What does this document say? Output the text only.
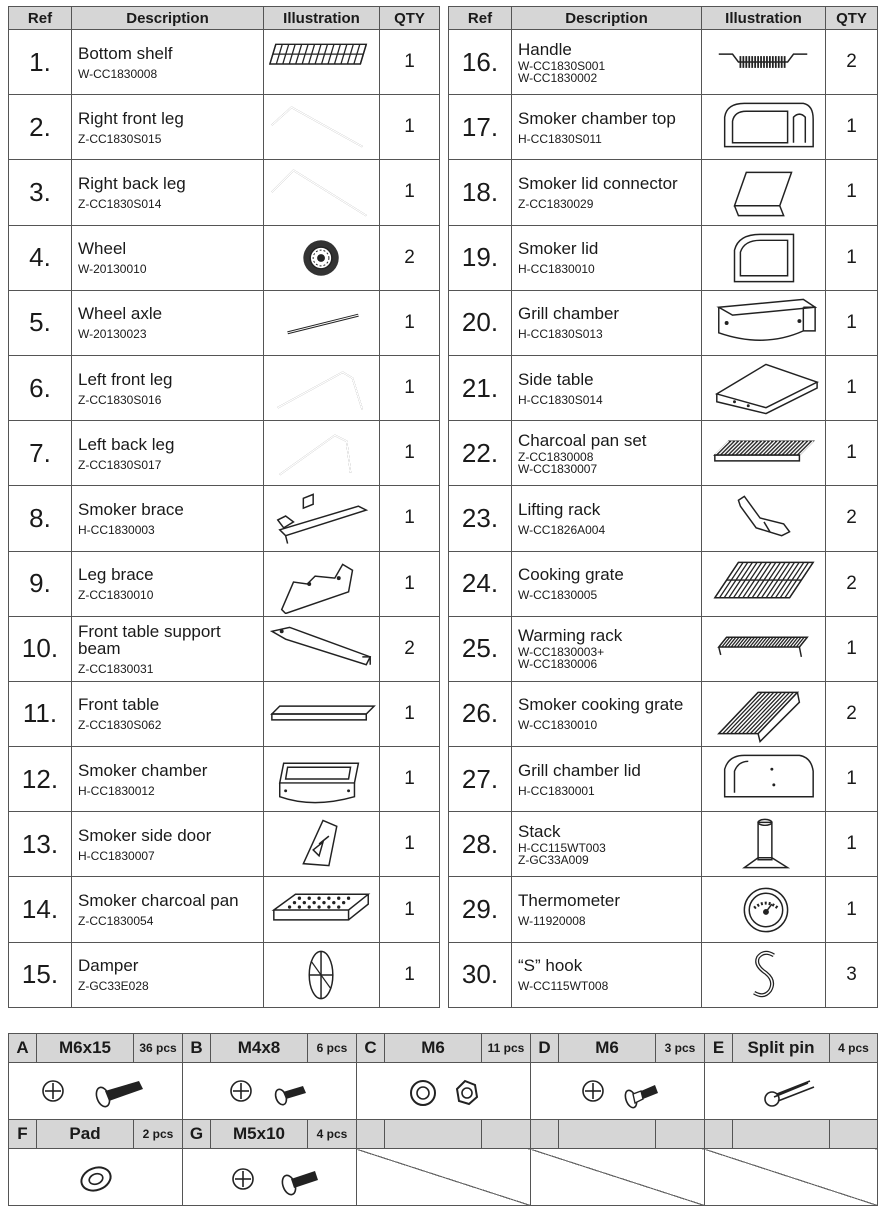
Ref	Description	Illustration	QTY
1.	Bottom shelf
W-CC1830008		1
2.	Right front leg
Z-CC1830S015		1
3.	Right back leg
Z-CC1830S014		1
4.	Wheel
W-20130010		2
5.	Wheel axle
W-20130023		1
6.	Left front leg
Z-CC1830S016		1
7.	Left back leg
Z-CC1830S017		1
8.	Smoker brace
H-CC1830003		1
9.	Leg brace
Z-CC1830010		1
10.	Front table support beam
Z-CC1830031		2
11.	Front table
Z-CC1830S062		1
12.	Smoker chamber
H-CC1830012		1
13.	Smoker side door
H-CC1830007		1
14.	Smoker charcoal pan
Z-CC1830054		1
15.	Damper
Z-GC33E028		1
Ref	Description	Illustration	QTY
16.	Handle
W-CC1830S001
W-CC1830002		2
17.	Smoker chamber top
H-CC1830S011		1
18.	Smoker lid connector
Z-CC1830029		1
19.	Smoker lid
H-CC1830010		1
20.	Grill chamber
H-CC1830S013		1
21.	Side table
H-CC1830S014		1
22.	Charcoal pan set
Z-CC1830008
W-CC1830007		1
23.	Lifting rack
W-CC1826A004		2
24.	Cooking grate
W-CC1830005		2
25.	Warming rack
W-CC1830003+
W-CC1830006		1
26.	Smoker cooking grate
W-CC1830010		2
27.	Grill chamber lid
H-CC1830001		1
28.	Stack
H-CC115WT003
Z-GC33A009		1
29.	Thermometer
W-11920008		1
30.	“S” hook
W-CC115WT008		3
A	M6x15	36 pcs	B	M4x8	6 pcs	C	M6	11 pcs	D	M6	3 pcs	E	Split pin	4 pcs

F	Pad	2 pcs	G	M5x10	4 pcs									
